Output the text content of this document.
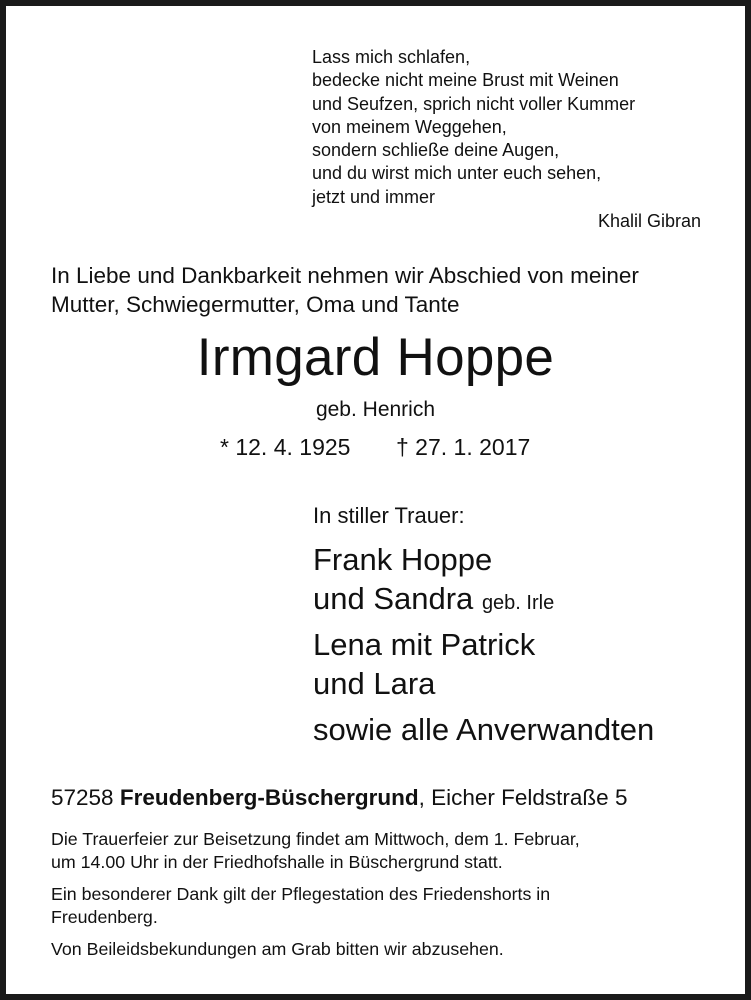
Lass mich schlafen,
bedecke nicht meine Brust mit Weinen
und Seufzen, sprich nicht voller Kummer
von meinem Weggehen,
sondern schließe deine Augen,
und du wirst mich unter euch sehen,
jetzt und immer
Khalil Gibran
In Liebe und Dankbarkeit nehmen wir Abschied von meiner
Mutter, Schwiegermutter, Oma und Tante
Irmgard Hoppe
geb. Henrich
* 12. 4. 1925 † 27. 1. 2017
In stiller Trauer:
Frank Hoppe
und Sandra geb. Irle
Lena mit Patrick
und Lara
sowie alle Anverwandten
57258 Freudenberg-Büschergrund, Eicher Feldstraße 5
Die Trauerfeier zur Beisetzung findet am Mittwoch, dem 1. Februar,
um 14.00 Uhr in der Friedhofshalle in Büschergrund statt.
Ein besonderer Dank gilt der Pflegestation des Friedenshorts in
Freudenberg.
Von Beileidsbekundungen am Grab bitten wir abzusehen.
